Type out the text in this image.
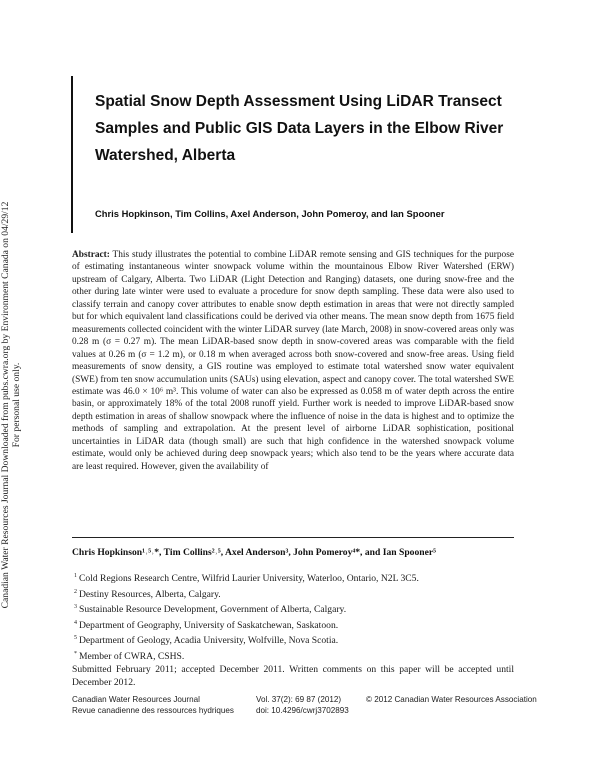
Canadian Water Resources Journal Downloaded from pubs.cwra.org by Environment Canada on 04/29/12 For personal use only.
Spatial Snow Depth Assessment Using LiDAR Transect Samples and Public GIS Data Layers in the Elbow River Watershed, Alberta
Chris Hopkinson, Tim Collins, Axel Anderson, John Pomeroy, and Ian Spooner

Abstract: This study illustrates the potential to combine LiDAR remote sensing and GIS techniques for the purpose of estimating instantaneous winter snowpack volume within the mountainous Elbow River Watershed (ERW) upstream of Calgary, Alberta. Two LiDAR (Light Detection and Ranging) datasets, one during snow-free and the other during late winter were used to evaluate a procedure for snow depth sampling. These data were also used to classify terrain and canopy cover attributes to enable snow depth estimation in areas that were not directly sampled but for which equivalent land classifications could be derived via other means. The mean snow depth from 1675 field measurements collected coincident with the winter LiDAR survey (late March, 2008) in snow-covered areas only was 0.28 m (σ = 0.27 m). The mean LiDAR-based snow depth in snow-covered areas was comparable with the field values at 0.26 m (σ = 1.2 m), or 0.18 m when averaged across both snow-covered and snow-free areas. Using field measurements of snow density, a GIS routine was employed to estimate total watershed snow water equivalent (SWE) from ten snow accumulation units (SAUs) using elevation, aspect and canopy cover. The total watershed SWE estimate was 46.0 × 10⁶ m³. This volume of water can also be expressed as 0.058 m of water depth across the entire basin, or approximately 18% of the total 2008 runoff yield. Further work is needed to improve LiDAR-based snow depth estimation in areas of shallow snowpack where the influence of noise in the data is highest and to optimize the methods of sampling and extrapolation. At the present level of airborne LiDAR sophistication, positional uncertainties in LiDAR data (though small) are such that high confidence in the watershed snowpack volume estimate, would only be achieved during deep snowpack years; which also tend to be the years where accurate data are least required. However, given the availability of

Chris Hopkinson¹˒⁵˒*, Tim Collins²˒⁵, Axel Anderson³, John Pomeroy⁴*, and Ian Spooner⁵
$^1$ Cold Regions Research Centre, Wilfrid Laurier University, Waterloo, Ontario, N2L 3C5.
$^2$ Destiny Resources, Alberta, Calgary.
$^3$ Sustainable Resource Development, Government of Alberta, Calgary.
$^4$ Department of Geography, University of Saskatchewan, Saskatoon.
$^5$ Department of Geology, Acadia University, Wolfville, Nova Scotia.
* Member of CWRA, CSHS.

Submitted February 2011; accepted December 2011. Written comments on this paper will be accepted until December 2012.

Canadian Water Resources Journal
Revue canadienne des ressources hydriques
Vol. 37(2): 69 87 (2012)
doi: 10.4296/cwrj3702893
© 2012 Canadian Water Resources Association
